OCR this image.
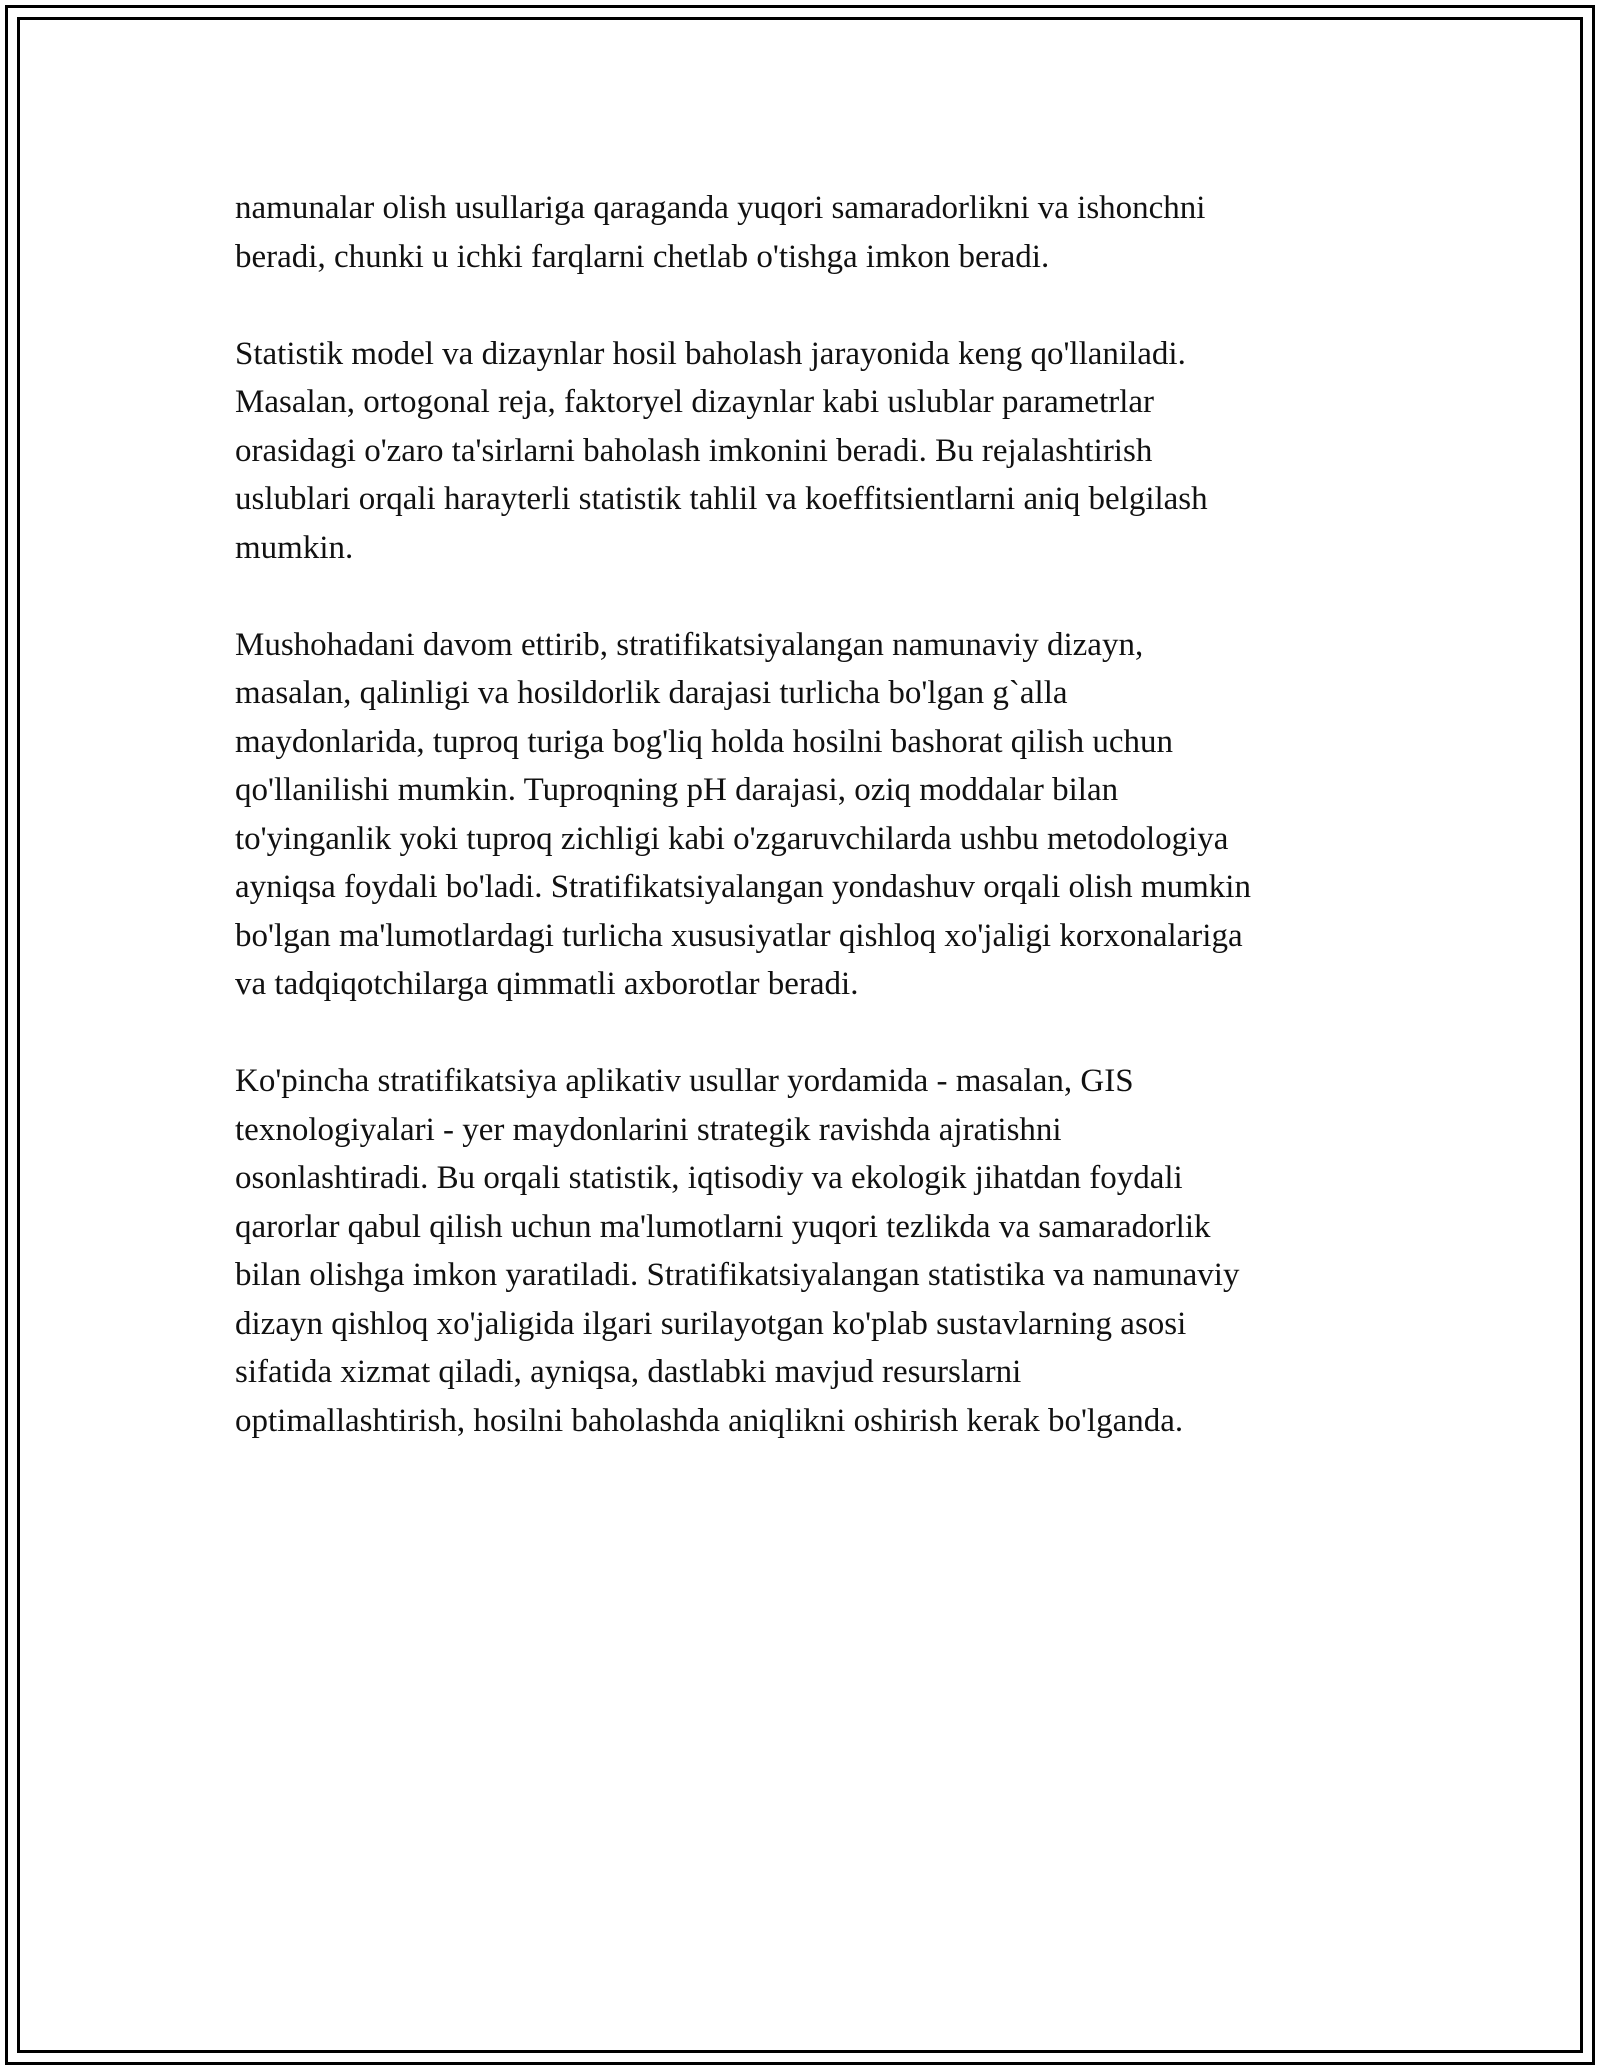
namunalar olish usullariga qaraganda yuqori samaradorlikni va ishonchni
beradi, chunki u ichki farqlarni chetlab o'tishga imkon beradi.
Statistik model va dizaynlar hosil baholash jarayonida keng qo'llaniladi.
Masalan, ortogonal reja, faktoryel dizaynlar kabi uslublar parametrlar
orasidagi o'zaro ta'sirlarni baholash imkonini beradi. Bu rejalashtirish
uslublari orqali harayterli statistik tahlil va koeffitsientlarni aniq belgilash
mumkin.
Mushohadani davom ettirib, stratifikatsiyalangan namunaviy dizayn,
masalan, qalinligi va hosildorlik darajasi turlicha bo'lgan g`alla
maydonlarida, tuproq turiga bog'liq holda hosilni bashorat qilish uchun
qo'llanilishi mumkin. Tuproqning pH darajasi, oziq moddalar bilan
to'yinganlik yoki tuproq zichligi kabi o'zgaruvchilarda ushbu metodologiya
ayniqsa foydali bo'ladi. Stratifikatsiyalangan yondashuv orqali olish mumkin
bo'lgan ma'lumotlardagi turlicha xususiyatlar qishloq xo'jaligi korxonalariga
va tadqiqotchilarga qimmatli axborotlar beradi.
Ko'pincha stratifikatsiya aplikativ usullar yordamida - masalan, GIS
texnologiyalari - yer maydonlarini strategik ravishda ajratishni
osonlashtiradi. Bu orqali statistik, iqtisodiy va ekologik jihatdan foydali
qarorlar qabul qilish uchun ma'lumotlarni yuqori tezlikda va samaradorlik
bilan olishga imkon yaratiladi. Stratifikatsiyalangan statistika va namunaviy
dizayn qishloq xo'jaligida ilgari surilayotgan ko'plab sustavlarning asosi
sifatida xizmat qiladi, ayniqsa, dastlabki mavjud resurslarni
optimallashtirish, hosilni baholashda aniqlikni oshirish kerak bo'lganda.
